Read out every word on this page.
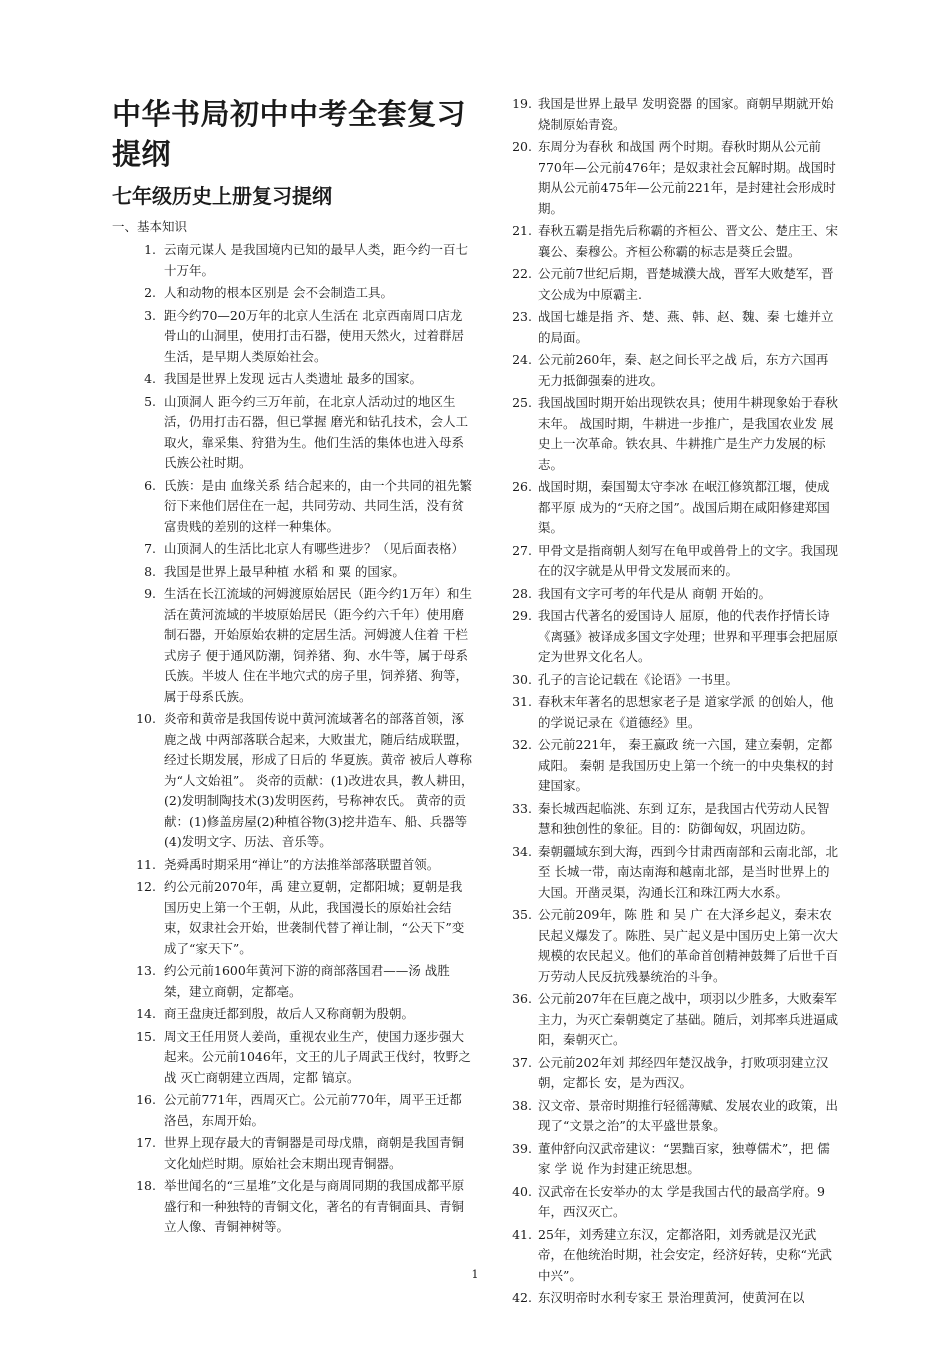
中华书局初中中考全套复习提纲
七年级历史上册复习提纲
一、基本知识
1. 云南元谋人 是我国境内已知的最早人类，距今约一百七十万年。
2. 人和动物的根本区别是 会不会制造工具。
3. 距今约70—20万年的北京人生活在 北京西南周口店龙骨山的山洞里，使用打击石器，使用天然火，过着群居生活，是早期人类原始社会。
4. 我国是世界上发现 远古人类遗址 最多的国家。
5. 山顶洞人 距今约三万年前，在北京人活动过的地区生活，仍用打击石器，但已掌握 磨光和钻孔技术，会人工取火，靠采集、狩猎为生。他们生活的集体也进入母系氏族公社时期。
6. 氏族：是由 血缘关系 结合起来的，由一个共同的祖先繁衍下来他们居住在一起，共同劳动、共同生活，没有贫富贵贱的差别的这样一种集体。
7. 山顶洞人的生活比北京人有哪些进步？（见后面表格）
8. 我国是世界上最早种植 水稻 和 粟 的国家。
9. 生活在长江流域的河姆渡原始居民（距今约1万年）和生活在黄河流域的半坡原始居民（距今约六千年）使用磨制石器，开始原始农耕的定居生活。河姆渡人住着 干栏式房子 便于通风防潮，饲养猪、狗、水牛等，属于母系氏族。半坡人 住在半地穴式的房子里，饲养猪、狗等，属于母系氏族。
10. 炎帝和黄帝是我国传说中黄河流域著名的部落首领，涿鹿之战 中两部落联合起来，大败蚩尤，随后结成联盟，经过长期发展，形成了日后的 华夏族。黄帝 被后人尊称为“人文始祖”。 炎帝的贡献：(1)改进农具，教人耕田，(2)发明制陶技术(3)发明医药，号称神农氏。 黄帝的贡献：(1)修盖房屋(2)种植谷物(3)挖井造车、船、兵器等(4)发明文字、历法、音乐等。
11. 尧舜禹时期采用“禅让”的方法推举部落联盟首领。
12. 约公元前2070年，禹 建立夏朝，定都阳城；夏朝是我国历史上第一个王朝，从此，我国漫长的原始社会结束，奴隶社会开始，世袭制代替了禅让制，“公天下”变成了“家天下”。
13. 约公元前1600年黄河下游的商部落国君——汤 战胜桀，建立商朝，定都亳。
14. 商王盘庚迁都到殷，故后人又称商朝为殷朝。
15. 周文王任用贤人姜尚，重视农业生产，使国力逐步强大起来。公元前1046年，文王的儿子周武王伐纣，牧野之战 灭亡商朝建立西周，定都 镐京。
16. 公元前771年，西周灭亡。公元前770年，周平王迁都洛邑，东周开始。
17. 世界上现存最大的青铜器是司母戊鼎，商朝是我国青铜文化灿烂时期。原始社会末期出现青铜器。
18. 举世闻名的“三星堆”文化是与商周同期的我国成都平原 盛行和一种独特的青铜文化，著名的有青铜面具、青铜立人像、青铜神树等。
19. 我国是世界上最早 发明瓷器 的国家。商朝早期就开始烧制原始青瓷。
20. 东周分为春秋 和战国 两个时期。春秋时期从公元前770年—公元前476年；是奴隶社会瓦解时期。战国时期从公元前475年—公元前221年，是封建社会形成时期。
21. 春秋五霸是指先后称霸的齐桓公、晋文公、楚庄王、宋襄公、秦穆公。齐桓公称霸的标志是葵丘会盟。
22. 公元前7世纪后期，晋楚城濮大战，晋军大败楚军，晋文公成为中原霸主.
23. 战国七雄是指 齐、楚、燕、韩、赵、魏、秦 七雄并立的局面。
24. 公元前260年，秦、赵之间长平之战 后，东方六国再无力抵御强秦的进攻。
25. 我国战国时期开始出现铁农具；使用牛耕现象始于春秋末年。 战国时期，牛耕进一步推广，是我国农业发 展史上一次革命。铁农具、牛耕推广是生产力发展的标志。
26. 战国时期，秦国蜀太守李冰 在岷江修筑都江堰，使成都平原 成为的“天府之国”。战国后期在咸阳修建郑国渠。
27. 甲骨文是指商朝人刻写在龟甲或兽骨上的文字。我国现在的汉字就是从甲骨文发展而来的。
28. 我国有文字可考的年代是从 商朝 开始的。
29. 我国古代著名的爱国诗人 屈原，他的代表作抒情长诗《离骚》被译成多国文字处理；世界和平理事会把屈原定为世界文化名人。
30. 孔子的言论记载在《论语》一书里。
31. 春秋末年著名的思想家老子是 道家学派 的创始人，他的学说记录在《道德经》里。
32. 公元前221年， 秦王嬴政 统一六国，建立秦朝，定都咸阳。 秦朝 是我国历史上第一个统一的中央集权的封建国家。
33. 秦长城西起临洮、东到 辽东，是我国古代劳动人民智慧和独创性的象征。目的：防御匈奴，巩固边防。
34. 秦朝疆域东到大海，西到今甘肃西南部和云南北部，北至 长城一带，南达南海和越南北部，是当时世界上的大国。开凿灵渠，沟通长江和珠江两大水系。
35. 公元前209年，陈 胜 和 吴 广 在大泽乡起义，秦末农民起义爆发了。陈胜、吴广起义是中国历史上第一次大规模的农民起义。他们的革命首创精神鼓舞了后世千百万劳动人民反抗残暴统治的斗争。
36. 公元前207年在巨鹿之战中，项羽以少胜多，大败秦军主力，为灭亡秦朝奠定了基础。随后，刘邦率兵进逼咸阳，秦朝灭亡。
37. 公元前202年刘 邦经四年楚汉战争，打败项羽建立汉朝，定都长 安，是为西汉。
38. 汉文帝、景帝时期推行轻徭薄赋、发展农业的政策，出现了“文景之治”的太平盛世景象。
39. 董仲舒向汉武帝建议：“罢黜百家，独尊儒术”，把 儒 家 学 说 作为封建正统思想。
40. 汉武帝在长安举办的太 学是我国古代的最高学府。9年，西汉灭亡。
41. 25年，刘秀建立东汉，定都洛阳，刘秀就是汉光武帝，在他统治时期，社会安定，经济好转，史称“光武中兴”。
42. 东汉明帝时水利专家王 景治理黄河，使黄河在以
1
